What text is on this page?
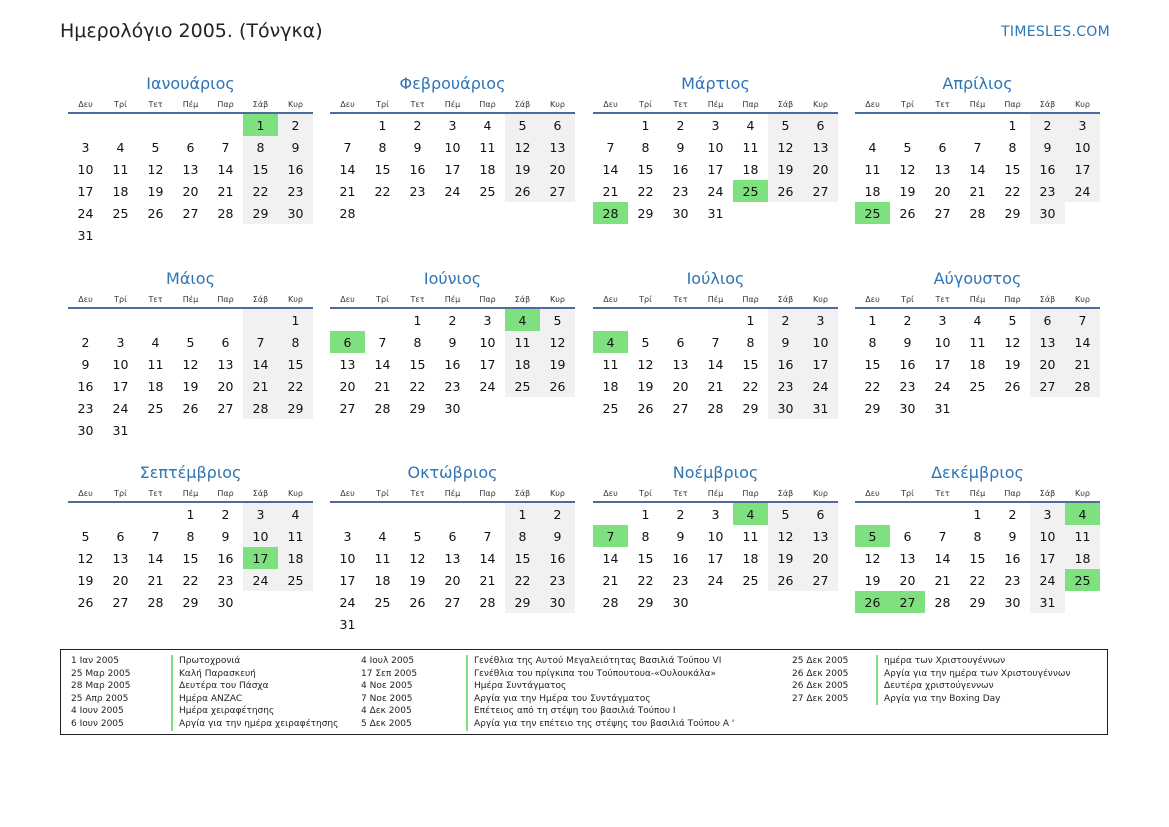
Ημερολόγιο 2005. (Τόνγκα)	TIMESLES.COM
Ιανουάριος
Δευ	Τρί	Τετ	Πέμ	Παρ	Σάβ	Κυρ
					1	2
3	4	5	6	7	8	9
10	11	12	13	14	15	16
17	18	19	20	21	22	23
24	25	26	27	28	29	30
31						
Φεβρουάριος
Δευ	Τρί	Τετ	Πέμ	Παρ	Σάβ	Κυρ
	1	2	3	4	5	6
7	8	9	10	11	12	13
14	15	16	17	18	19	20
21	22	23	24	25	26	27
28						
Μάρτιος
Δευ	Τρί	Τετ	Πέμ	Παρ	Σάβ	Κυρ
	1	2	3	4	5	6
7	8	9	10	11	12	13
14	15	16	17	18	19	20
21	22	23	24	25	26	27
28	29	30	31			
Απρίλιος
Δευ	Τρί	Τετ	Πέμ	Παρ	Σάβ	Κυρ
				1	2	3
4	5	6	7	8	9	10
11	12	13	14	15	16	17
18	19	20	21	22	23	24
25	26	27	28	29	30	
Μάιος
Δευ	Τρί	Τετ	Πέμ	Παρ	Σάβ	Κυρ
						1
2	3	4	5	6	7	8
9	10	11	12	13	14	15
16	17	18	19	20	21	22
23	24	25	26	27	28	29
30	31					
Ιούνιος
Δευ	Τρί	Τετ	Πέμ	Παρ	Σάβ	Κυρ
		1	2	3	4	5
6	7	8	9	10	11	12
13	14	15	16	17	18	19
20	21	22	23	24	25	26
27	28	29	30			
Ιούλιος
Δευ	Τρί	Τετ	Πέμ	Παρ	Σάβ	Κυρ
				1	2	3
4	5	6	7	8	9	10
11	12	13	14	15	16	17
18	19	20	21	22	23	24
25	26	27	28	29	30	31
Αύγουστος
Δευ	Τρί	Τετ	Πέμ	Παρ	Σάβ	Κυρ
1	2	3	4	5	6	7
8	9	10	11	12	13	14
15	16	17	18	19	20	21
22	23	24	25	26	27	28
29	30	31				
Σεπτέμβριος
Δευ	Τρί	Τετ	Πέμ	Παρ	Σάβ	Κυρ
			1	2	3	4
5	6	7	8	9	10	11
12	13	14	15	16	17	18
19	20	21	22	23	24	25
26	27	28	29	30		
Οκτώβριος
Δευ	Τρί	Τετ	Πέμ	Παρ	Σάβ	Κυρ
					1	2
3	4	5	6	7	8	9
10	11	12	13	14	15	16
17	18	19	20	21	22	23
24	25	26	27	28	29	30
31						
Νοέμβριος
Δευ	Τρί	Τετ	Πέμ	Παρ	Σάβ	Κυρ
	1	2	3	4	5	6
7	8	9	10	11	12	13
14	15	16	17	18	19	20
21	22	23	24	25	26	27
28	29	30				
Δεκέμβριος
Δευ	Τρί	Τετ	Πέμ	Παρ	Σάβ	Κυρ
			1	2	3	4
5	6	7	8	9	10	11
12	13	14	15	16	17	18
19	20	21	22	23	24	25
26	27	28	29	30	31	
1 Ιαν 2005	Πρωτοχρονιά
25 Μαρ 2005	Καλή Παρασκευή
28 Μαρ 2005	Δευτέρα του Πάσχα
25 Απρ 2005	Ημέρα ANZAC
4 Ιουν 2005	Ημέρα χειραφέτησης
6 Ιουν 2005	Αργία για την ημέρα χειραφέτησης
4 Ιουλ 2005	Γενέθλια της Αυτού Μεγαλειότητας Βασιλιά Τούπου VI
17 Σεπ 2005	Γενέθλια του πρίγκιπα του Τούπουτουα-«Ουλουκάλα»
4 Νοε 2005	Ημέρα Συντάγματος
7 Νοε 2005	Αργία για την Ημέρα του Συντάγματος
4 Δεκ 2005	Επέτειος από τη στέψη του βασιλιά Τούπου I
5 Δεκ 2005	Αργία για την επέτειο της στέψης του βασιλιά Τούπου A '
25 Δεκ 2005	ημέρα των Χριστουγέννων
26 Δεκ 2005	Αργία για την ημέρα των Χριστουγέννων
26 Δεκ 2005	Δευτέρα χριστούγεννων
27 Δεκ 2005	Αργία για την Boxing Day
